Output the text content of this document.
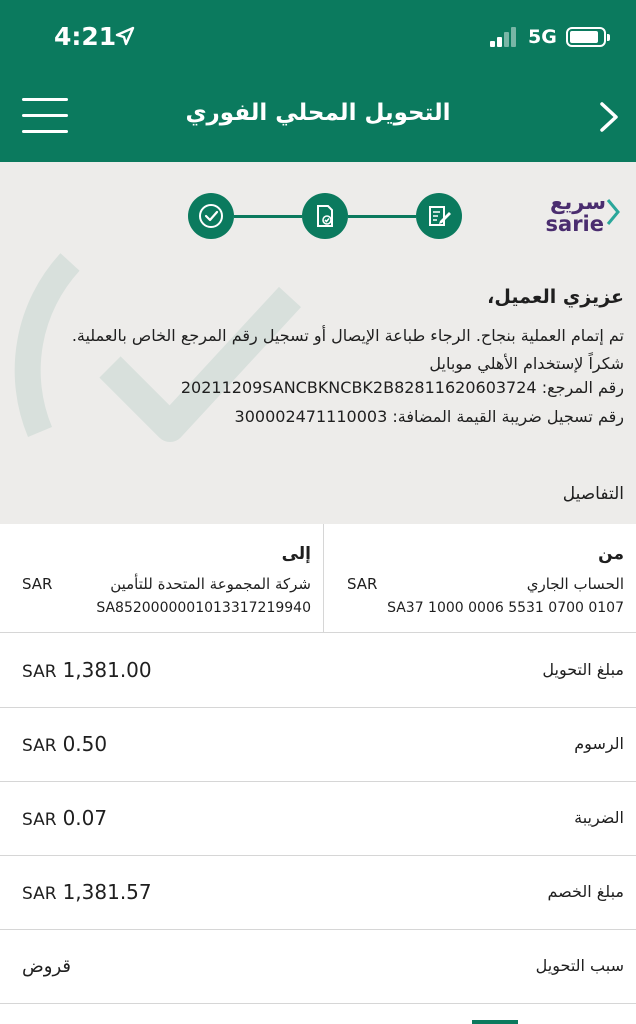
4:21	5G
التحويل المحلي الفوري
سريع
sarie
عزيزي العميل،
تم إتمام العملية بنجاح. الرجاء طباعة الإيصال أو تسجيل رقم المرجع الخاص بالعملية. شكراً لإستخدام الأهلي موبايل
رقم المرجع: 20211209SANCBKNCBK2B82811620603724
رقم تسجيل ضريبة القيمة المضافة: 300002471110003
التفاصيل
من
الحساب الجاري
SAR
SA37 1000 0006 5531 0700 0107
إلى
شركة المجموعة المتحدة للتأمين
SAR
SA8520000001013317219940
مبلغ التحويل
SAR 1,381.00
الرسوم
SAR 0.50
الضريبة
SAR 0.07
مبلغ الخصم
SAR 1,381.57
سبب التحويل
قروض
